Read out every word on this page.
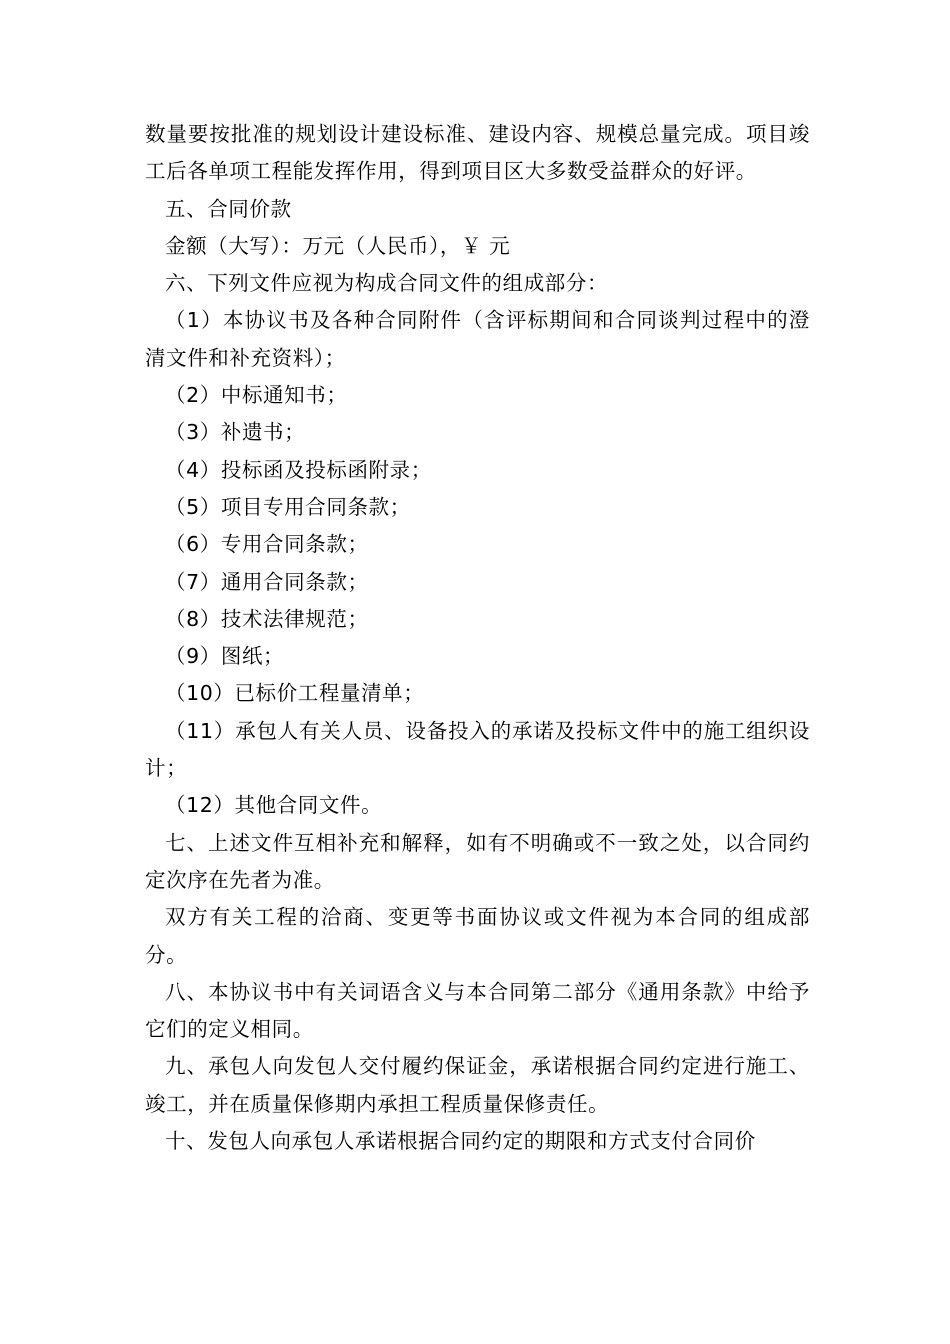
数量要按批准的规划设计建设标准、建设内容、规模总量完成。项目竣工后各单项工程能发挥作用，得到项目区大多数受益群众的好评。

五、合同价款

金额（大写）：万元（人民币），￥ 元

六、下列文件应视为构成合同文件的组成部分：

（1）本协议书及各种合同附件（含评标期间和合同谈判过程中的澄清文件和补充资料）；

（2）中标通知书；

（3）补遗书；

（4）投标函及投标函附录；

（5）项目专用合同条款；

（6）专用合同条款；

（7）通用合同条款；

（8）技术法律规范；

（9）图纸；

（10）已标价工程量清单；

（11）承包人有关人员、设备投入的承诺及投标文件中的施工组织设计；

（12）其他合同文件。

七、上述文件互相补充和解释，如有不明确或不一致之处，以合同约定次序在先者为准。

双方有关工程的洽商、变更等书面协议或文件视为本合同的组成部分。

八、本协议书中有关词语含义与本合同第二部分《通用条款》中给予它们的定义相同。

九、承包人向发包人交付履约保证金，承诺根据合同约定进行施工、竣工，并在质量保修期内承担工程质量保修责任。

十、发包人向承包人承诺根据合同约定的期限和方式支付合同价
